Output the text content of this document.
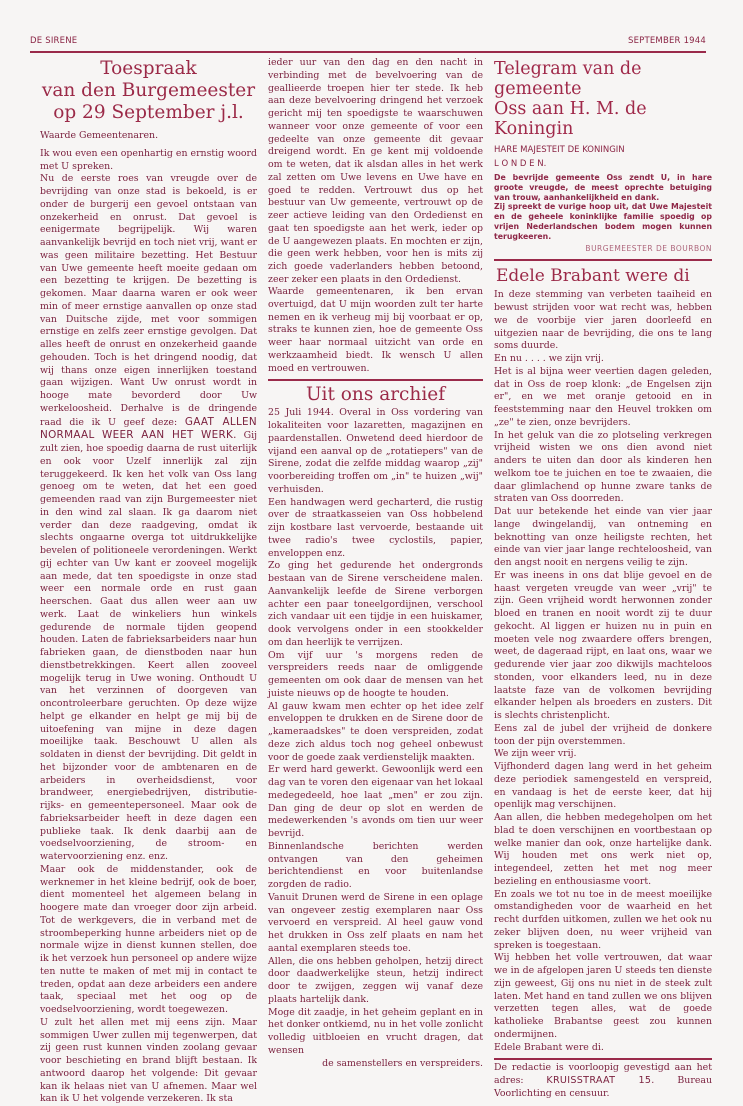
DE SIRENE	SEPTEMBER 1944
Toespraak
van den Burgemeester
op 29 September j.l.

Waarde Gemeentenaren.

Ik wou even een openhartig en ernstig woord met U spreken.

Nu de eerste roes van vreugde over de bevrijding van onze stad is bekoeld, is er onder de burgerij een gevoel ontstaan van onzekerheid en onrust. Dat gevoel is eenigermate begrijpelijk. Wij waren aanvankelijk bevrijd en toch niet vrij, want er was geen militaire bezetting. Het Bestuur van Uwe gemeente heeft moeite gedaan om een bezetting te krijgen. De bezetting is gekomen. Maar daarna waren er ook weer min of meer ernstige aanvallen op onze stad van Duitsche zijde, met voor sommigen ernstige en zelfs zeer ernstige gevolgen. Dat alles heeft de onrust en onzekerheid gaande gehouden. Toch is het dringend noodig, dat wij thans onze eigen innerlijken toestand gaan wijzigen. Want Uw onrust wordt in hooge mate bevorderd door Uw werkeloosheid. Derhalve is de dringende raad die ik U geef deze: GAAT ALLEN NORMAAL WEER AAN HET WERK. Gij zult zien, hoe spoedig daarna de rust uiterlijk en ook voor Uzelf innerlijk zal zijn teruggekeerd. Ik ken het volk van Oss lang genoeg om te weten, dat het een goed gemeenden raad van zijn Burgemeester niet in den wind zal slaan. Ik ga daarom niet verder dan deze raadgeving, omdat ik slechts ongaarne overga tot uitdrukkelijke bevelen of politioneele verordeningen. Werkt gij echter van Uw kant er zooveel mogelijk aan mede, dat ten spoedigste in onze stad weer een normale orde en rust gaan heerschen. Gaat dus allen weer aan uw werk. Laat de winkeliers hun winkels gedurende de normale tijden geopend houden. Laten de fabrieksarbeiders naar hun fabrieken gaan, de dienstboden naar hun dienstbetrekkingen. Keert allen zooveel mogelijk terug in Uwe woning. Onthoudt U van het verzinnen of doorgeven van oncontroleerbare geruchten. Op deze wijze helpt ge elkander en helpt ge mij bij de uitoefening van mijne in deze dagen moeilijke taak. Beschouwt U allen als soldaten in dienst der bevrijding. Dit geldt in het bijzonder voor de ambtenaren en de arbeiders in overheidsdienst, voor brandweer, energiebedrijven, distributie- rijks- en gemeentepersoneel. Maar ook de fabrieksarbeider heeft in deze dagen een publieke taak. Ik denk daarbij aan de voedselvoorziening, de stroom- en watervoorziening enz. enz.

Maar ook de middenstander, ook de werknemer in het kleine bedrijf, ook de boer, dient momenteel het algemeen belang in hoogere mate dan vroeger door zijn arbeid. Tot de werkgevers, die in verband met de stroombeperking hunne arbeiders niet op de normale wijze in dienst kunnen stellen, doe ik het verzoek hun personeel op andere wijze ten nutte te maken of met mij in contact te treden, opdat aan deze arbeiders een andere taak, speciaal met het oog op de voedselvoorziening, wordt toegewezen.

U zult het allen met mij eens zijn. Maar sommigen Uwer zullen mij tegenwerpen, dat zij geen rust kunnen vinden zoolang gevaar voor beschieting en brand blijft bestaan. Ik antwoord daarop het volgende: Dit gevaar kan ik helaas niet van U afnemen. Maar wel kan ik U het volgende verzekeren. Ik sta

ieder uur van den dag en den nacht in verbinding met de bevelvoering van de geallieerde troepen hier ter stede. Ik heb aan deze bevelvoering dringend het verzoek gericht mij ten spoedigste te waarschuwen wanneer voor onze gemeente of voor een gedeelte van onze gemeente dit gevaar dreigend wordt. En ge kent mij voldoende om te weten, dat ik alsdan alles in het werk zal zetten om Uwe levens en Uwe have en goed te redden. Vertrouwt dus op het bestuur van Uw gemeente, vertrouwt op de zeer actieve leiding van den Ordedienst en gaat ten spoedigste aan het werk, ieder op de U aangewezen plaats. En mochten er zijn, die geen werk hebben, voor hen is mits zij zich goede vaderlanders hebben betoond, zeer zeker een plaats in den Ordedienst.

Waarde gemeentenaren, ik ben ervan overtuigd, dat U mijn woorden zult ter harte nemen en ik verheug mij bij voorbaat er op, straks te kunnen zien, hoe de gemeente Oss weer haar normaal uitzicht van orde en werkzaamheid biedt. Ik wensch U allen moed en vertrouwen.

Uit ons archief

25 Juli 1944. Overal in Oss vordering van lokaliteiten voor lazaretten, magazijnen en paardenstallen. Onwetend deed hierdoor de vijand een aanval op de „rotatiepers" van de Sirene, zodat die zelfde middag waarop „zij" voorbereiding troffen om „in" te huizen „wij" verhuisden.

Een handwagen werd gecharterd, die rustig over de straatkasseien van Oss hobbelend zijn kostbare last vervoerde, bestaande uit twee radio's twee cyclostils, papier, enveloppen enz.

Zo ging het gedurende het ondergronds bestaan van de Sirene verscheidene malen. Aanvankelijk leefde de Sirene verborgen achter een paar toneelgordijnen, verschool zich vandaar uit een tijdje in een huiskamer, dook vervolgens onder in een stookkelder om dan heerlijk te verrijzen.

Om vijf uur 's morgens reden de verspreiders reeds naar de omliggende gemeenten om ook daar de mensen van het juiste nieuws op de hoogte te houden.

Al gauw kwam men echter op het idee zelf enveloppen te drukken en de Sirene door de „kameraadskes" te doen verspreiden, zodat deze zich aldus toch nog geheel onbewust voor de goede zaak verdienstelijk maakten.

Er werd hard gewerkt. Gewoonlijk werd een dag van te voren den eigenaar van het lokaal medegedeeld, hoe laat „men" er zou zijn. Dan ging de deur op slot en werden de medewerkenden 's avonds om tien uur weer bevrijd.

Binnenlandsche berichten werden ontvangen van den geheimen berichtendienst en voor buitenlandse zorgden de radio.

Vanuit Drunen werd de Sirene in een oplage van ongeveer zestig exemplaren naar Oss vervoerd en verspreid. Al heel gauw vond het drukken in Oss zelf plaats en nam het aantal exemplaren steeds toe.

Allen, die ons hebben geholpen, hetzij direct door daadwerkelijke steun, hetzij indirect door te zwijgen, zeggen wij vanaf deze plaats hartelijk dank.

Moge dit zaadje, in het geheim geplant en in het donker ontkiemd, nu in het volle zonlicht volledig uitbloeien en vrucht dragen, dat wensen

de samenstellers en verspreiders.

Telegram van de gemeente
Oss aan H. M. de Koningin
HARE MAJESTEIT DE KONINGIN
L O N D E N.

De bevrijde gemeente Oss zendt U, in hare groote vreugde, de meest oprechte betuiging van trouw, aanhankelijkheid en dank.

Zij spreekt de vurige hoop uit, dat Uwe Majesteit en de geheele koninklijke familie spoedig op vrijen Nederlandschen bodem mogen kunnen terugkeeren.

BURGEMEESTER DE BOURBON
Edele Brabant were di

In deze stemming van verbeten taaiheid en bewust strijden voor wat recht was, hebben we de voorbije vier jaren doorleefd en uitgezien naar de bevrijding, die ons te lang soms duurde.

En nu . . . . we zijn vrij.

Het is al bijna weer veertien dagen geleden, dat in Oss de roep klonk: „de Engelsen zijn er", en we met oranje getooid en in feeststemming naar den Heuvel trokken om „ze" te zien, onze bevrijders.

In het geluk van die zo plotseling verkregen vrijheid wisten we ons dien avond niet anders te uiten dan door als kinderen hen welkom toe te juichen en toe te zwaaien, die daar glimlachend op hunne zware tanks de straten van Oss doorreden.

Dat uur betekende het einde van vier jaar lange dwingelandij, van ontneming en beknotting van onze heiligste rechten, het einde van vier jaar lange rechteloosheid, van den angst nooit en nergens veilig te zijn.

Er was ineens in ons dat blije gevoel en de haast vergeten vreugde van weer „vrij" te zijn. Geen vrijheid wordt herwonnen zonder bloed en tranen en nooit wordt zij te duur gekocht. Al liggen er huizen nu in puin en moeten vele nog zwaardere offers brengen, weet, de dageraad rijpt, en laat ons, waar we gedurende vier jaar zoo dikwijls machteloos stonden, voor elkanders leed, nu in deze laatste faze van de volkomen bevrijding elkander helpen als broeders en zusters. Dit is slechts christenplicht.

Eens zal de jubel der vrijheid de donkere toon der pijn overstemmen.

We zijn weer vrij.

Vijfhonderd dagen lang werd in het geheim deze periodiek samengesteld en verspreid, en vandaag is het de eerste keer, dat hij openlijk mag verschijnen.

Aan allen, die hebben medegeholpen om het blad te doen verschijnen en voortbestaan op welke manier dan ook, onze hartelijke dank. Wij houden met ons werk niet op, integendeel, zetten het met nog meer bezieling en enthousiasme voort.

En zoals we tot nu toe in de meest moeilijke omstandigheden voor de waarheid en het recht durfden uitkomen, zullen we het ook nu zeker blijven doen, nu weer vrijheid van spreken is toegestaan.

Wij hebben het volle vertrouwen, dat waar we in de afgelopen jaren U steeds ten dienste zijn geweest, Gij ons nu niet in de steek zult laten. Met hand en tand zullen we ons blijven verzetten tegen alles, wat de goede katholieke Brabantse geest zou kunnen ondermijnen.

Edele Brabant were di.

De redactie is voorloopig gevestigd aan het adres: KRUISSTRAAT 15. Bureau Voorlichting en censuur.
